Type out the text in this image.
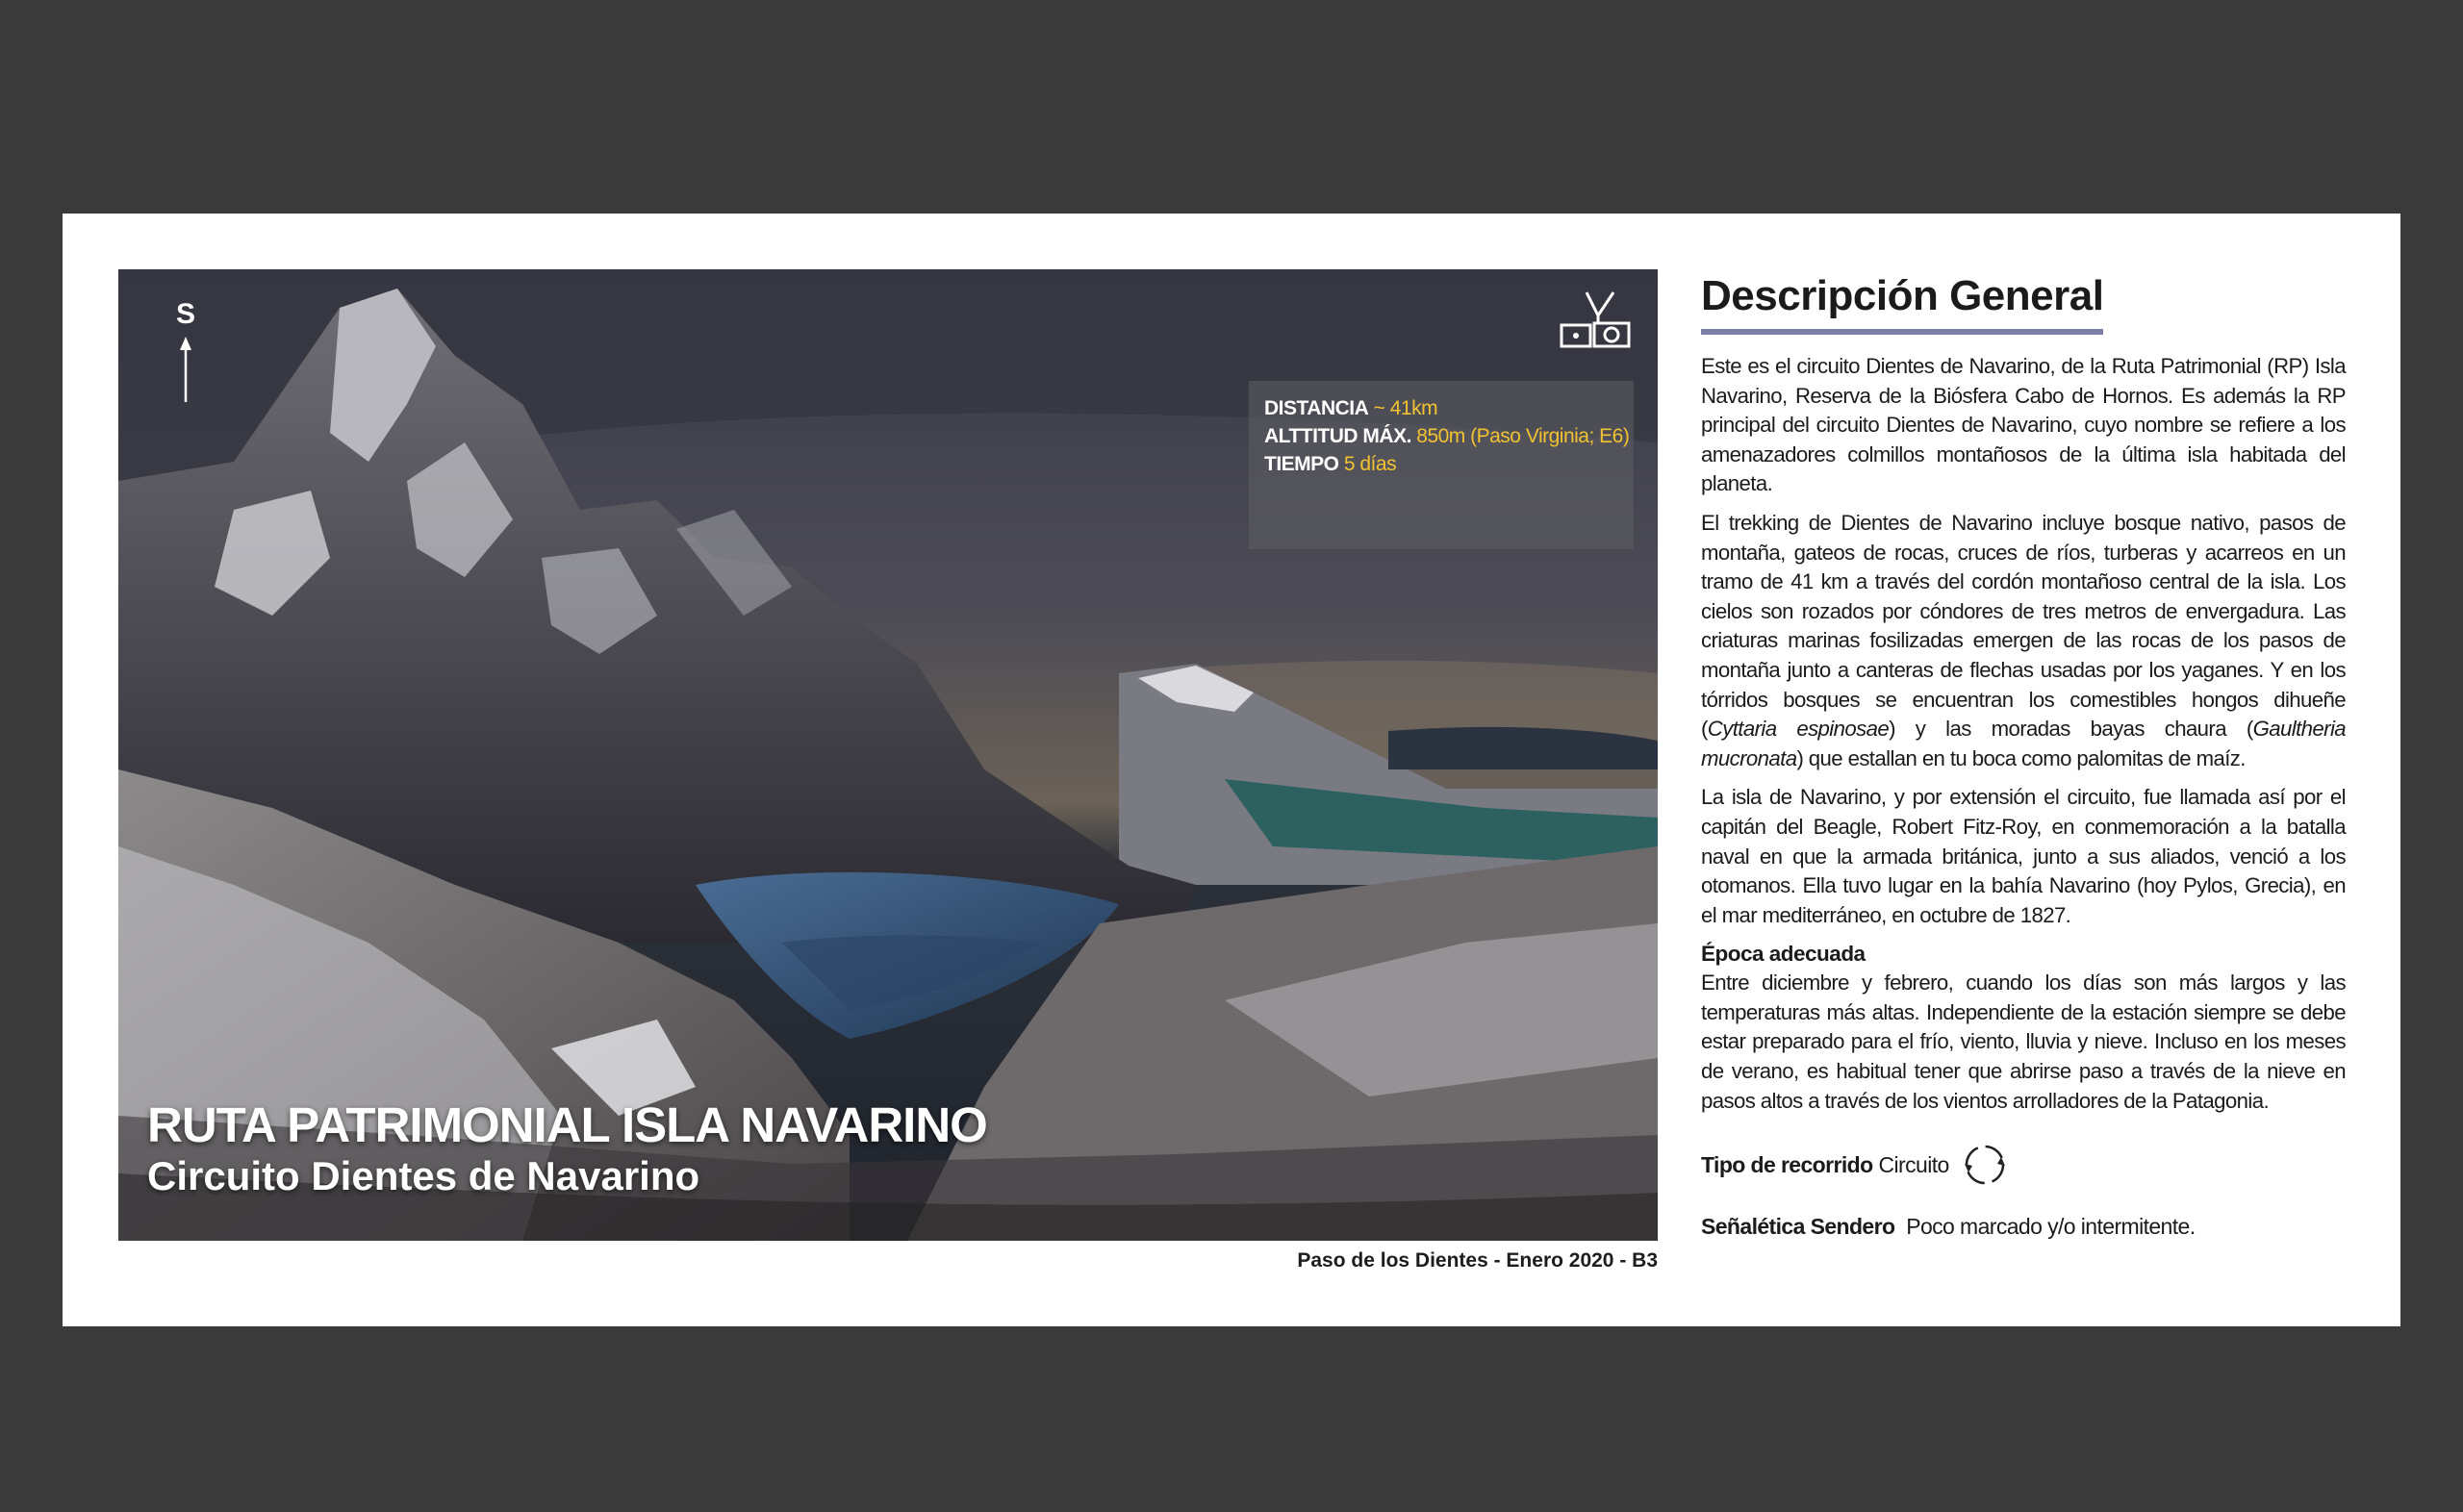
S
DISTANCIA ~ 41km
ALTTITUD MÁX. 850m (Paso Virginia; E6)
TIEMPO 5 días
RUTA PATRIMONIAL ISLA NAVARINO
Circuito Dientes de Navarino
Paso de los Dientes - Enero 2020 - B3
Descripción General

Este es el circuito Dientes de Navarino, de la Ruta Patrimonial (RP) Isla Navarino, Reserva de la Biósfera Cabo de Hornos. Es además la RP principal del circuito Dientes de Navarino, cuyo nombre se refiere a los amenazadores colmillos montañosos de la última isla habitada del planeta.

El trekking de Dientes de Navarino incluye bosque nativo, pasos de montaña, gateos de rocas, cruces de ríos, turberas y acarreos en un tramo de 41 km a través del cordón montañoso central de la isla. Los cielos son rozados por cóndores de tres metros de envergadura. Las criaturas marinas fosilizadas emergen de las rocas de los pasos de montaña junto a canteras de flechas usadas por los yaganes. Y en los tórridos bosques se encuentran los comestibles hongos dihueñe (Cyttaria espinosae) y las moradas bayas chaura (Gaultheria mucronata) que estallan en tu boca como palomitas de maíz.

La isla de Navarino, y por extensión el circuito, fue llamada así por el capitán del Beagle, Robert Fitz-Roy, en conmemoración a la batalla naval en que la armada británica, junto a sus aliados, venció a los otomanos. Ella tuvo lugar en la bahía Navarino (hoy Pylos, Grecia), en el mar mediterráneo, en octubre de 1827.

Época adecuada

Entre diciembre y febrero, cuando los días son más largos y las temperaturas más altas. Independiente de la estación siempre se debe estar preparado para el frío, viento, lluvia y nieve. Incluso en los meses de verano, es habitual tener que abrirse paso a través de la nieve en pasos altos a través de los vientos arrolladores de la Patagonia.

Tipo de recorrido Circuito
Señalética Sendero Poco marcado y/o intermitente.
